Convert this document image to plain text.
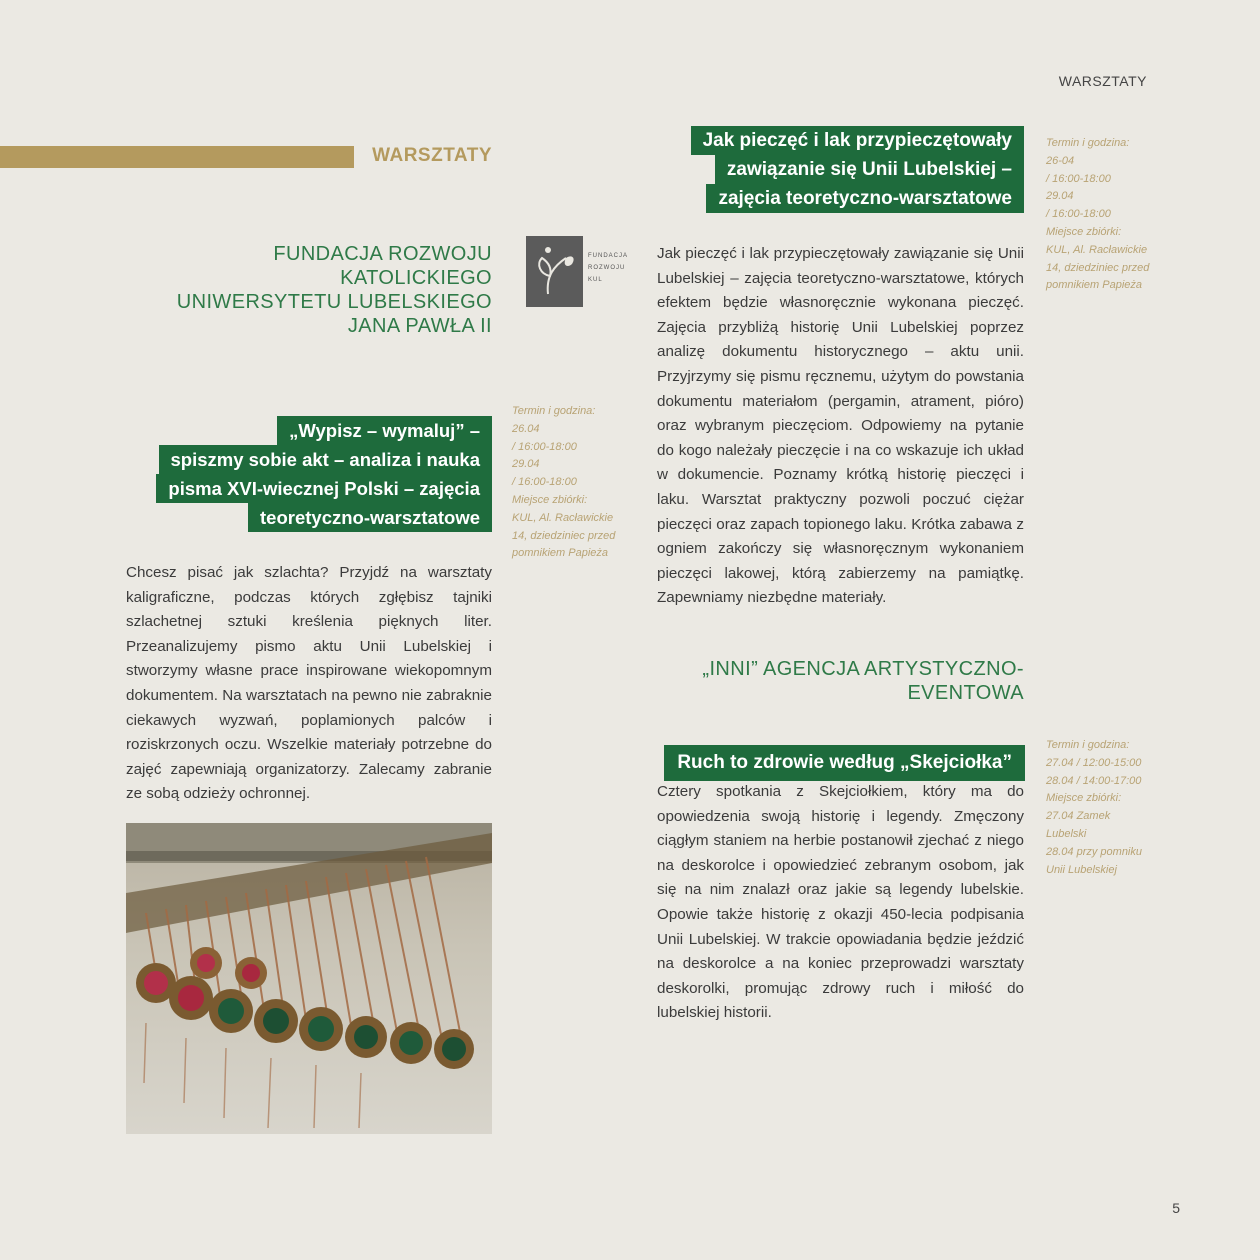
WARSZTATY
WARSZTATY
FUNDACJA ROZWOJU KATOLICKIEGO
UNIWERSYTETU LUBELSKIEGO
JANA PAWŁA II
FUNDACJA
ROZWOJU
KUL
Jak pieczęć i lak przypieczętowały
zawiązanie się Unii Lubelskiej –
zajęcia teoretyczno-warsztatowe
Termin i godzina:
26-04
/ 16:00-18:00
29.04
/ 16:00-18:00
Miejsce zbiórki:
KUL, Al. Racławickie
14, dziedziniec przed
pomnikiem Papieża
Jak pieczęć i lak przypieczętowały zawiązanie się Unii Lubelskiej – zajęcia teoretyczno-warsztatowe, których efektem będzie własnoręcznie wykonana pieczęć. Zajęcia przybliżą historię Unii Lubelskiej poprzez analizę dokumentu historycznego – aktu unii. Przyjrzymy się pismu ręcznemu, użytym do powstania dokumentu materiałom (pergamin, atrament, pióro) oraz wybranym pieczęciom. Odpowiemy na pytanie do kogo należały pieczęcie i na co wskazuje ich układ w dokumencie. Poznamy krótką historię pieczęci i laku. Warsztat praktyczny pozwoli poczuć ciężar pieczęci oraz zapach topionego laku. Krótka zabawa z ogniem zakończy się własnoręcznym wykonaniem pieczęci lakowej, którą zabierzemy na pamiątkę. Zapewniamy niezbędne materiały.
„Wypisz – wymaluj” –
spiszmy sobie akt – analiza i nauka
pisma XVI-wiecznej Polski – zajęcia
teoretyczno-warsztatowe
Termin i godzina:
26.04
/ 16:00-18:00
29.04
/ 16:00-18:00
Miejsce zbiórki:
KUL, Al. Racławickie
14, dziedziniec przed
pomnikiem Papieża
Chcesz pisać jak szlachta? Przyjdź na warsztaty kaligraficzne, podczas których zgłębisz tajniki szlachetnej sztuki kreślenia pięknych liter. Przeanalizujemy pismo aktu Unii Lubelskiej i stworzymy własne prace inspirowane wiekopomnym dokumentem. Na warsztatach na pewno nie zabraknie ciekawych wyzwań, poplamionych palców i roziskrzonych oczu. Wszelkie materiały potrzebne do zajęć zapewniają organizatorzy. Zalecamy zabranie ze sobą odzieży ochronnej.
„INNI” AGENCJA ARTYSTYCZNO-
EVENTOWA
Ruch to zdrowie według „Skejciołka”
Termin i godzina:
27.04 / 12:00-15:00
28.04 / 14:00-17:00
Miejsce zbiórki:
27.04 Zamek
Lubelski
28.04 przy pomniku
Unii Lubelskiej
Cztery spotkania z Skejciołkiem, który ma do opowiedzenia swoją historię i legendy. Zmęczony ciągłym staniem na herbie postanowił zjechać z niego na deskorolce i opowiedzieć zebranym osobom, jak się na nim znalazł oraz jakie są legendy lubelskie. Opowie także historię z okazji 450-lecia podpisania Unii Lubelskiej. W trakcie opowiadania będzie jeździć na deskorolce a na koniec przeprowadzi warsztaty deskorolki, promując zdrowy ruch i miłość do lubelskiej historii.
5
